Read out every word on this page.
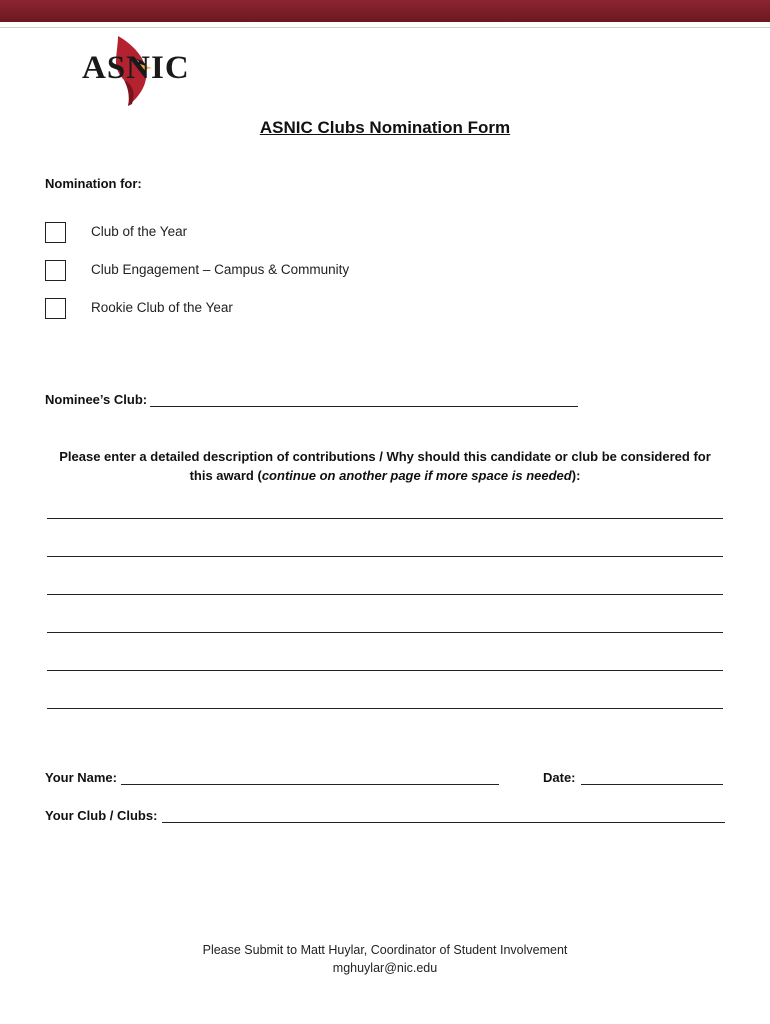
ASNIC
ASNIC Clubs Nomination Form
Nomination for:
Club of the Year
Club Engagement – Campus & Community
Rookie Club of the Year
Nominee’s Club:
Please enter a detailed description of contributions / Why should this candidate or club be considered for
this award (continue on another page if more space is needed):
Your Name:	Date:
Your Club / Clubs:
Please Submit to Matt Huylar, Coordinator of Student Involvement
mghuylar@nic.edu
